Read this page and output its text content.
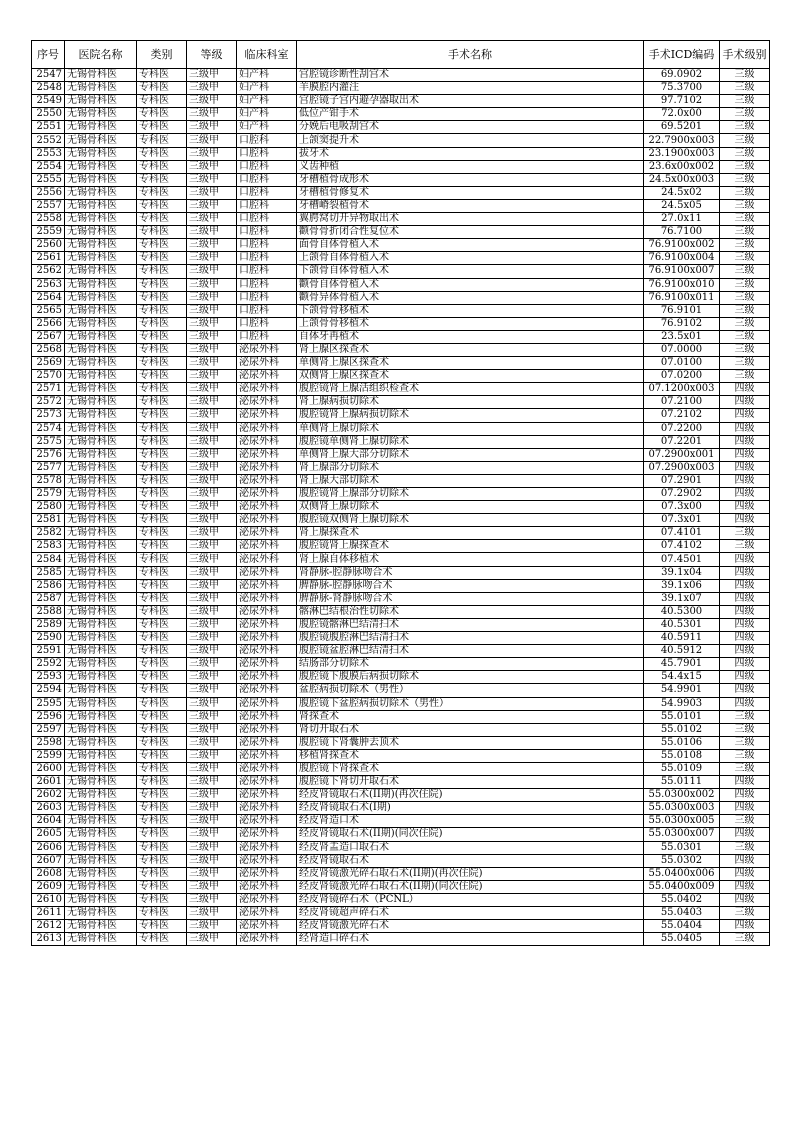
序号	医院名称	类别	等级	临床科室	手术名称	手术ICD编码	手术级别
2547	无锡骨科医	专科医	三级甲	妇产科	宫腔镜诊断性刮宫术	69.0902	三级
2548	无锡骨科医	专科医	三级甲	妇产科	羊膜腔内灌注	75.3700	三级
2549	无锡骨科医	专科医	三级甲	妇产科	宫腔镜子宫内避孕器取出术	97.7102	三级
2550	无锡骨科医	专科医	三级甲	妇产科	低位产钳手术	72.0x00	三级
2551	无锡骨科医	专科医	三级甲	妇产科	分娩后电吸刮宫术	69.5201	三级
2552	无锡骨科医	专科医	三级甲	口腔科	上颌窦提升术	22.7900x003	三级
2553	无锡骨科医	专科医	三级甲	口腔科	拔牙术	23.1900x003	三级
2554	无锡骨科医	专科医	三级甲	口腔科	义齿种植	23.6x00x002	三级
2555	无锡骨科医	专科医	三级甲	口腔科	牙槽植骨成形术	24.5x00x003	三级
2556	无锡骨科医	专科医	三级甲	口腔科	牙槽植骨修复术	24.5x02	三级
2557	无锡骨科医	专科医	三级甲	口腔科	牙槽嵴裂植骨术	24.5x05	三级
2558	无锡骨科医	专科医	三级甲	口腔科	翼腭窝切开异物取出术	27.0x11	三级
2559	无锡骨科医	专科医	三级甲	口腔科	颧骨骨折闭合性复位术	76.7100	三级
2560	无锡骨科医	专科医	三级甲	口腔科	面骨自体骨植入术	76.9100x002	三级
2561	无锡骨科医	专科医	三级甲	口腔科	上颌骨自体骨植入术	76.9100x004	三级
2562	无锡骨科医	专科医	三级甲	口腔科	下颌骨自体骨植入术	76.9100x007	三级
2563	无锡骨科医	专科医	三级甲	口腔科	颧骨自体骨植入术	76.9100x010	三级
2564	无锡骨科医	专科医	三级甲	口腔科	颧骨异体骨植入术	76.9100x011	三级
2565	无锡骨科医	专科医	三级甲	口腔科	下颌骨骨移植术	76.9101	三级
2566	无锡骨科医	专科医	三级甲	口腔科	上颌骨骨移植术	76.9102	三级
2567	无锡骨科医	专科医	三级甲	口腔科	自体牙再植术	23.5x01	三级
2568	无锡骨科医	专科医	三级甲	泌尿外科	肾上腺区探查术	07.0000	三级
2569	无锡骨科医	专科医	三级甲	泌尿外科	单侧肾上腺区探查术	07.0100	三级
2570	无锡骨科医	专科医	三级甲	泌尿外科	双侧肾上腺区探查术	07.0200	三级
2571	无锡骨科医	专科医	三级甲	泌尿外科	腹腔镜肾上腺活组织检查术	07.1200x003	四级
2572	无锡骨科医	专科医	三级甲	泌尿外科	肾上腺病损切除术	07.2100	四级
2573	无锡骨科医	专科医	三级甲	泌尿外科	腹腔镜肾上腺病损切除术	07.2102	四级
2574	无锡骨科医	专科医	三级甲	泌尿外科	单侧肾上腺切除术	07.2200	四级
2575	无锡骨科医	专科医	三级甲	泌尿外科	腹腔镜单侧肾上腺切除术	07.2201	四级
2576	无锡骨科医	专科医	三级甲	泌尿外科	单侧肾上腺大部分切除术	07.2900x001	四级
2577	无锡骨科医	专科医	三级甲	泌尿外科	肾上腺部分切除术	07.2900x003	四级
2578	无锡骨科医	专科医	三级甲	泌尿外科	肾上腺大部切除术	07.2901	四级
2579	无锡骨科医	专科医	三级甲	泌尿外科	腹腔镜肾上腺部分切除术	07.2902	四级
2580	无锡骨科医	专科医	三级甲	泌尿外科	双侧肾上腺切除术	07.3x00	四级
2581	无锡骨科医	专科医	三级甲	泌尿外科	腹腔镜双侧肾上腺切除术	07.3x01	四级
2582	无锡骨科医	专科医	三级甲	泌尿外科	肾上腺探查术	07.4101	三级
2583	无锡骨科医	专科医	三级甲	泌尿外科	腹腔镜肾上腺探查术	07.4102	三级
2584	无锡骨科医	专科医	三级甲	泌尿外科	肾上腺自体移植术	07.4501	四级
2585	无锡骨科医	专科医	三级甲	泌尿外科	肾静脉-腔静脉吻合术	39.1x04	四级
2586	无锡骨科医	专科医	三级甲	泌尿外科	脾静脉-腔静脉吻合术	39.1x06	四级
2587	无锡骨科医	专科医	三级甲	泌尿外科	脾静脉-肾静脉吻合术	39.1x07	四级
2588	无锡骨科医	专科医	三级甲	泌尿外科	髂淋巴结根治性切除术	40.5300	四级
2589	无锡骨科医	专科医	三级甲	泌尿外科	腹腔镜髂淋巴结清扫术	40.5301	四级
2590	无锡骨科医	专科医	三级甲	泌尿外科	腹腔镜腹腔淋巴结清扫术	40.5911	四级
2591	无锡骨科医	专科医	三级甲	泌尿外科	腹腔镜盆腔淋巴结清扫术	40.5912	四级
2592	无锡骨科医	专科医	三级甲	泌尿外科	结肠部分切除术	45.7901	四级
2593	无锡骨科医	专科医	三级甲	泌尿外科	腹腔镜下腹膜后病损切除术	54.4x15	四级
2594	无锡骨科医	专科医	三级甲	泌尿外科	盆腔病损切除术（男性）	54.9901	四级
2595	无锡骨科医	专科医	三级甲	泌尿外科	腹腔镜下盆腔病损切除术（男性）	54.9903	四级
2596	无锡骨科医	专科医	三级甲	泌尿外科	肾探查术	55.0101	三级
2597	无锡骨科医	专科医	三级甲	泌尿外科	肾切开取石术	55.0102	三级
2598	无锡骨科医	专科医	三级甲	泌尿外科	腹腔镜下肾囊肿去顶术	55.0106	三级
2599	无锡骨科医	专科医	三级甲	泌尿外科	移植肾探查术	55.0108	三级
2600	无锡骨科医	专科医	三级甲	泌尿外科	腹腔镜下肾探查术	55.0109	三级
2601	无锡骨科医	专科医	三级甲	泌尿外科	腹腔镜下肾切开取石术	55.0111	四级
2602	无锡骨科医	专科医	三级甲	泌尿外科	经皮肾镜取石术(II期)(再次住院)	55.0300x002	四级
2603	无锡骨科医	专科医	三级甲	泌尿外科	经皮肾镜取石术(I期)	55.0300x003	四级
2604	无锡骨科医	专科医	三级甲	泌尿外科	经皮肾造口术	55.0300x005	三级
2605	无锡骨科医	专科医	三级甲	泌尿外科	经皮肾镜取石术(II期)(同次住院)	55.0300x007	四级
2606	无锡骨科医	专科医	三级甲	泌尿外科	经皮肾盂造口取石术	55.0301	三级
2607	无锡骨科医	专科医	三级甲	泌尿外科	经皮肾镜取石术	55.0302	四级
2608	无锡骨科医	专科医	三级甲	泌尿外科	经皮肾镜激光碎石取石术(II期)(再次住院)	55.0400x006	四级
2609	无锡骨科医	专科医	三级甲	泌尿外科	经皮肾镜激光碎石取石术(II期)(同次住院)	55.0400x009	四级
2610	无锡骨科医	专科医	三级甲	泌尿外科	经皮肾镜碎石术（PCNL）	55.0402	四级
2611	无锡骨科医	专科医	三级甲	泌尿外科	经皮肾镜超声碎石术	55.0403	三级
2612	无锡骨科医	专科医	三级甲	泌尿外科	经皮肾镜激光碎石术	55.0404	四级
2613	无锡骨科医	专科医	三级甲	泌尿外科	经肾造口碎石术	55.0405	三级
